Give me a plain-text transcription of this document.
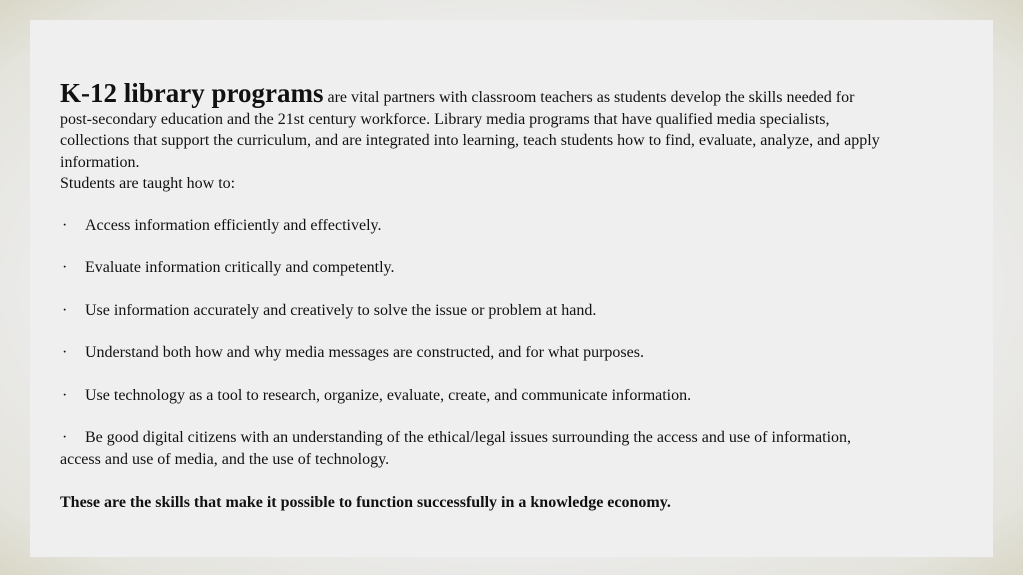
K-12 library programs are vital partners with classroom teachers as students develop the skills needed for post-secondary education and the 21st century workforce. Library media programs that have qualified media specialists, collections that support the curriculum, and are integrated into learning, teach students how to find, evaluate, analyze, and apply information.
Students are taught how to:
· Access information efficiently and effectively.
· Evaluate information critically and competently.
· Use information accurately and creatively to solve the issue or problem at hand.
· Understand both how and why media messages are constructed, and for what purposes.
· Use technology as a tool to research, organize, evaluate, create, and communicate information.
· Be good digital citizens with an understanding of the ethical/legal issues surrounding the access and use of information, access and use of media, and the use of technology.
These are the skills that make it possible to function successfully in a knowledge economy.
